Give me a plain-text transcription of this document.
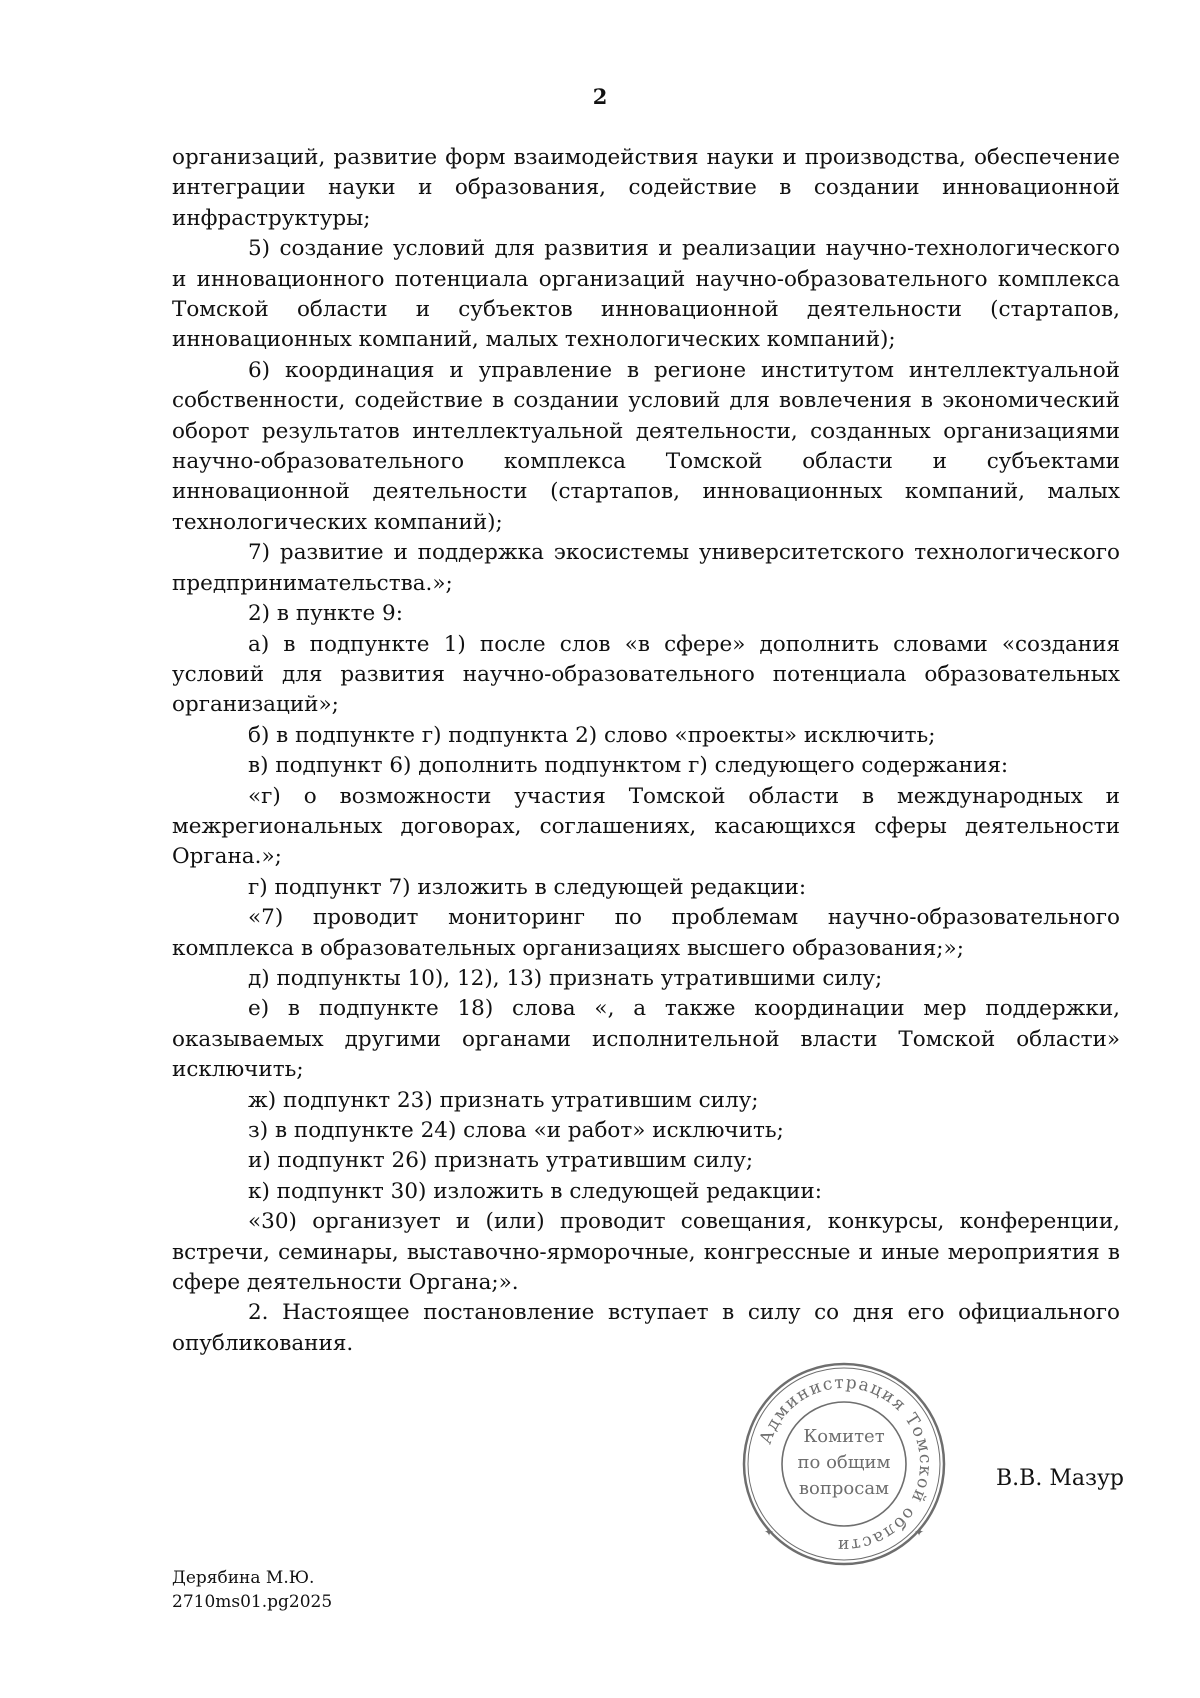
2

организаций, развитие форм взаимодействия науки и производства, обеспечение интеграции науки и образования, содействие в создании инновационной инфраструктуры;

5) создание условий для развития и реализации научно-технологического и инновационного потенциала организаций научно-образовательного комплекса Томской области и субъектов инновационной деятельности (стартапов, инновационных компаний, малых технологических компаний);

6) координация и управление в регионе институтом интеллектуальной собственности, содействие в создании условий для вовлечения в экономический оборот результатов интеллектуальной деятельности, созданных организациями научно-образовательного комплекса Томской области и субъектами инновационной деятельности (стартапов, инновационных компаний, малых технологических компаний);

7) развитие и поддержка экосистемы университетского технологического предпринимательства.»;

2) в пункте 9:

а) в подпункте 1) после слов «в сфере» дополнить словами «создания условий для развития научно-образовательного потенциала образовательных организаций»;

б) в подпункте г) подпункта 2) слово «проекты» исключить;

в) подпункт 6) дополнить подпунктом г) следующего содержания:

«г) о возможности участия Томской области в международных и межрегиональных договорах, соглашениях, касающихся сферы деятельности Органа.»;

г) подпункт 7) изложить в следующей редакции:

«7) проводит мониторинг по проблемам научно-образовательного комплекса в образовательных организациях высшего образования;»;

д) подпункты 10), 12), 13) признать утратившими силу;

е) в подпункте 18) слова «, а также координации мер поддержки, оказываемых другими органами исполнительной власти Томской области» исключить;

ж) подпункт 23) признать утратившим силу;

з) в подпункте 24) слова «и работ» исключить;

и) подпункт 26) признать утратившим силу;

к) подпункт 30) изложить в следующей редакции:

«30) организует и (или) проводит совещания, конкурсы, конференции, встречи, семинары, выставочно-ярморочные, конгрессные и иные мероприятия в сфере деятельности Органа;».

2. Настоящее постановление вступает в силу со дня его официального опубликования.

Администрация Томской области
Комитет
по общим
вопросам
✦	✦
В.В. Мазур
Дерябина М.Ю.
2710ms01.pg2025
